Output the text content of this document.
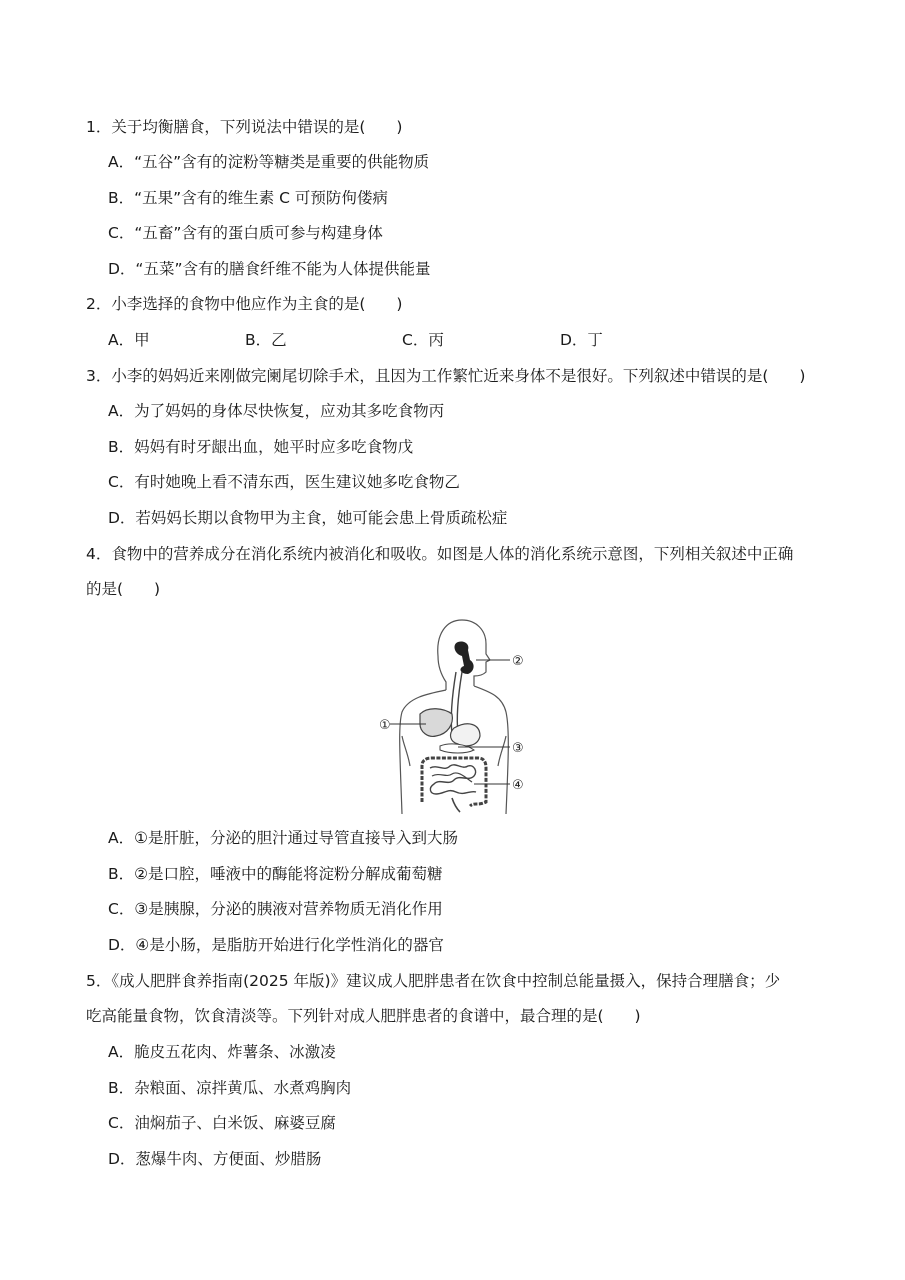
1．关于均衡膳食，下列说法中错误的是(　　)
A．“五谷”含有的淀粉等糖类是重要的供能物质
B．“五果”含有的维生素 C 可预防佝偻病
C．“五畜”含有的蛋白质可参与构建身体
D．“五菜”含有的膳食纤维不能为人体提供能量
2．小李选择的食物中他应作为主食的是(　　)
A．甲	B．乙	C．丙	D．丁
3．小李的妈妈近来刚做完阑尾切除手术，且因为工作繁忙近来身体不是很好。下列叙述中错误的是(　　)
A．为了妈妈的身体尽快恢复，应劝其多吃食物丙
B．妈妈有时牙龈出血，她平时应多吃食物戊
C．有时她晚上看不清东西，医生建议她多吃食物乙
D．若妈妈长期以食物甲为主食，她可能会患上骨质疏松症
4．食物中的营养成分在消化系统内被消化和吸收。如图是人体的消化系统示意图，下列相关叙述中正确
的是(　　)
①
②
③
④
A．①是肝脏，分泌的胆汁通过导管直接导入到大肠
B．②是口腔，唾液中的酶能将淀粉分解成葡萄糖
C．③是胰腺，分泌的胰液对营养物质无消化作用
D．④是小肠，是脂肪开始进行化学性消化的器官
5．《成人肥胖食养指南(2025 年版)》建议成人肥胖患者在饮食中控制总能量摄入，保持合理膳食；少
吃高能量食物，饮食清淡等。下列针对成人肥胖患者的食谱中，最合理的是(　　)
A．脆皮五花肉、炸薯条、冰激凌
B．杂粮面、凉拌黄瓜、水煮鸡胸肉
C．油焖茄子、白米饭、麻婆豆腐
D．葱爆牛肉、方便面、炒腊肠
